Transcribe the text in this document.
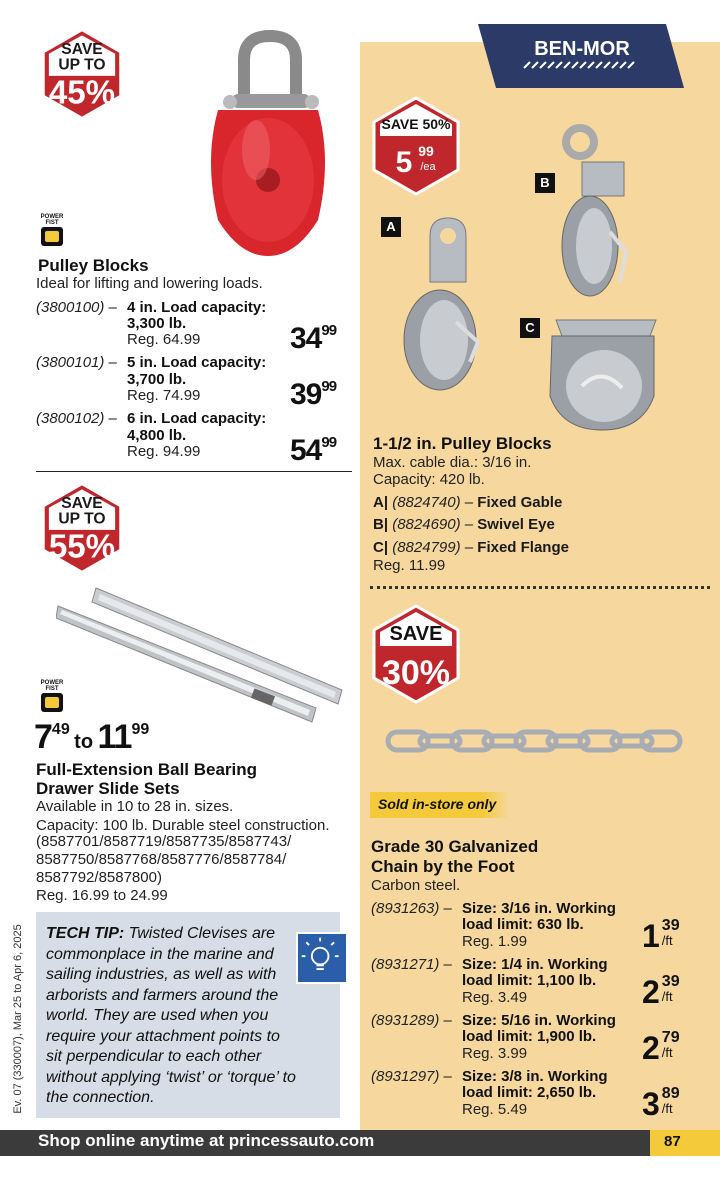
BEN-MOR
SAVE
UP TO
45%
POWER
FIST
Pulley Blocks
Ideal for lifting and lowering loads.
(3800100) – 4 in. Load capacity:
3,300 lb.
Reg. 64.99	$34^{99}$
(3800101) – 5 in. Load capacity:
3,700 lb.
Reg. 74.99	$39^{99}$
(3800102) – 6 in. Load capacity:
4,800 lb.
Reg. 94.99	$54^{99}$
SAVE
UP TO
55%
POWER
FIST
749 to 1199
Full-Extension Ball Bearing
Drawer Slide Sets
Available in 10 to 28 in. sizes.
Capacity: 100 lb. Durable steel construction.
(8587701/8587719/8587735/8587743/
8587750/8587768/8587776/8587784/
8587792/8587800)
Reg. 16.99 to 24.99
TECH TIP: Twisted Clevises are commonplace in the marine and sailing industries, as well as with arborists and farmers around the world. They are used when you require your attachment points to sit perpendicular to each other without applying ‘twist’ or ‘torque’ to the connection.
Ev. 07 (330007), Mar 25 to Apr 6, 2025
SAVE 50%
5 99
/ea
A
B
C
1-1/2 in. Pulley Blocks
Max. cable dia.: 3/16 in.
Capacity: 420 lb.
A| (8824740) – Fixed Gable
B| (8824690) – Swivel Eye
C| (8824799) – Fixed Flange
Reg. 11.99
SAVE
30%
Sold in-store only
Grade 30 Galvanized
Chain by the Foot
Carbon steel.
(8931263) – Size: 3/16 in. Working
load limit: 630 lb.
Reg. 1.99	1 39
/ft
(8931271) – Size: 1/4 in. Working
load limit: 1,100 lb.
Reg. 3.49	2 39
/ft
(8931289) – Size: 5/16 in. Working
load limit: 1,900 lb.
Reg. 3.99	2 79
/ft
(8931297) – Size: 3/8 in. Working
load limit: 2,650 lb.
Reg. 5.49	3 89
/ft
Shop online anytime at princessauto.com	87
